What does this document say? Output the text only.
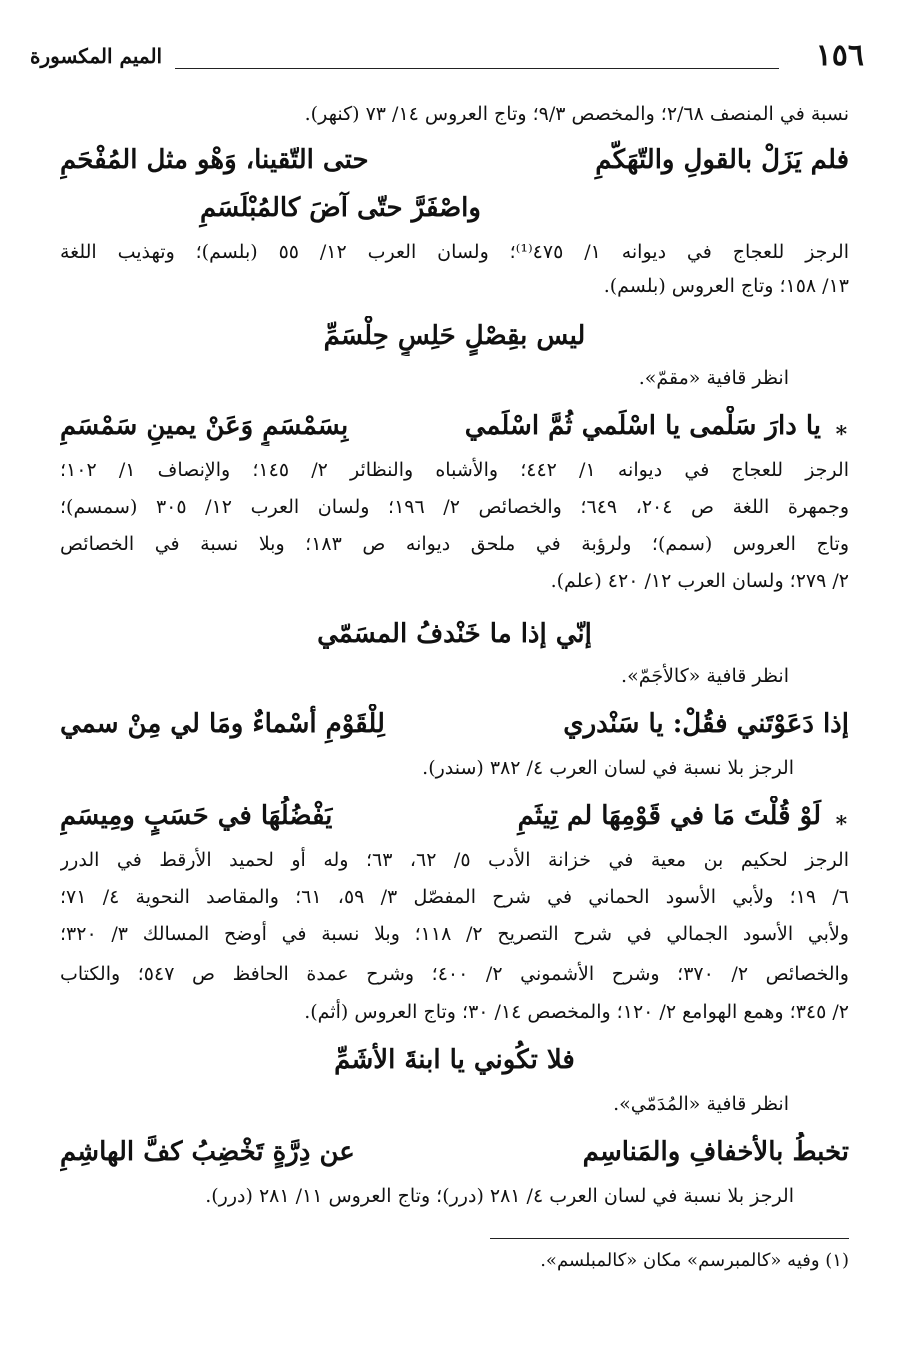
١٥٦
الميم المكسورة
نسبة في المنصف ٢/٦٨؛ والمخصص ٩/٣؛ وتاج العروس ١٤/ ٧٣ (كنهر).
فلم يَزَلْ بالقولِ والتّهَكّمِ
حتى التّقينا، وَهْو مثل المُفْحَمِ
واصْفَرَّ حتّى آضَ كالمُبْلَسَمِ
الرجز للعجاج في ديوانه ١/ ٤٧٥⁽¹⁾؛ ولسان العرب ١٢/ ٥٥ (بلسم)؛ وتهذيب اللغة
١٣/ ١٥٨؛ وتاج العروس (بلسم).
ليس بقِصْلٍ حَلِسٍ حِلْسَمِّ
انظر قافية «مقمّ».
∗
يا دارَ سَلْمى يا اسْلَمي ثُمَّ اسْلَمي
بِسَمْسَمٍ وَعَنْ يمينِ سَمْسَمِ
الرجز للعجاج في ديوانه ١/ ٤٤٢؛ والأشباه والنظائر ٢/ ١٤٥؛ والإنصاف ١/ ١٠٢؛
وجمهرة اللغة ص ٢٠٤، ٦٤٩؛ والخصائص ٢/ ١٩٦؛ ولسان العرب ١٢/ ٣٠٥ (سمسم)؛
وتاج العروس (سمم)؛ ولرؤبة في ملحق ديوانه ص ١٨٣؛ وبلا نسبة في الخصائص
٢/ ٢٧٩؛ ولسان العرب ١٢/ ٤٢٠ (علم).
إنّي إذا ما خَنْدفُ المسَمّي
انظر قافية «كالأجَمّ».
إذا دَعَوْتَني فقُلْ: يا سَنْدري
لِلْقَوْمِ أسْماءٌ ومَا لي مِنْ سمي
الرجز بلا نسبة في لسان العرب ٤/ ٣٨٢ (سندر).
∗
لَوْ قُلْتَ مَا في قَوْمِهَا لم تِيثَمِ
يَفْضُلُهَا في حَسَبٍ ومِيسَمِ
الرجز لحكيم بن معية في خزانة الأدب ٥/ ٦٢، ٦٣؛ وله أو لحميد الأرقط في الدرر
٦/ ١٩؛ ولأبي الأسود الحماني في شرح المفصّل ٣/ ٥٩، ٦١؛ والمقاصد النحوية ٤/ ٧١؛
ولأبي الأسود الجمالي في شرح التصريح ٢/ ١١٨؛ وبلا نسبة في أوضح المسالك ٣/ ٣٢٠؛
والخصائص ٢/ ٣٧٠؛ وشرح الأشموني ٢/ ٤٠٠؛ وشرح عمدة الحافظ ص ٥٤٧؛ والكتاب
٢/ ٣٤٥؛ وهمع الهوامع ٢/ ١٢٠؛ والمخصص ١٤/ ٣٠؛ وتاج العروس (أثم).
فلا تكُوني يا ابنةَ الأشَمِّ
انظر قافية «المُدَمّي».
تخبطُ بالأخفافِ والمَناسِم
عن دِرَّةٍ تَخْضِبُ كفَّ الهاشِمِ
الرجز بلا نسبة في لسان العرب ٤/ ٢٨١ (درر)؛ وتاج العروس ١١/ ٢٨١ (درر).
(١) وفيه «كالمبرسم» مكان «كالمبلسم».
